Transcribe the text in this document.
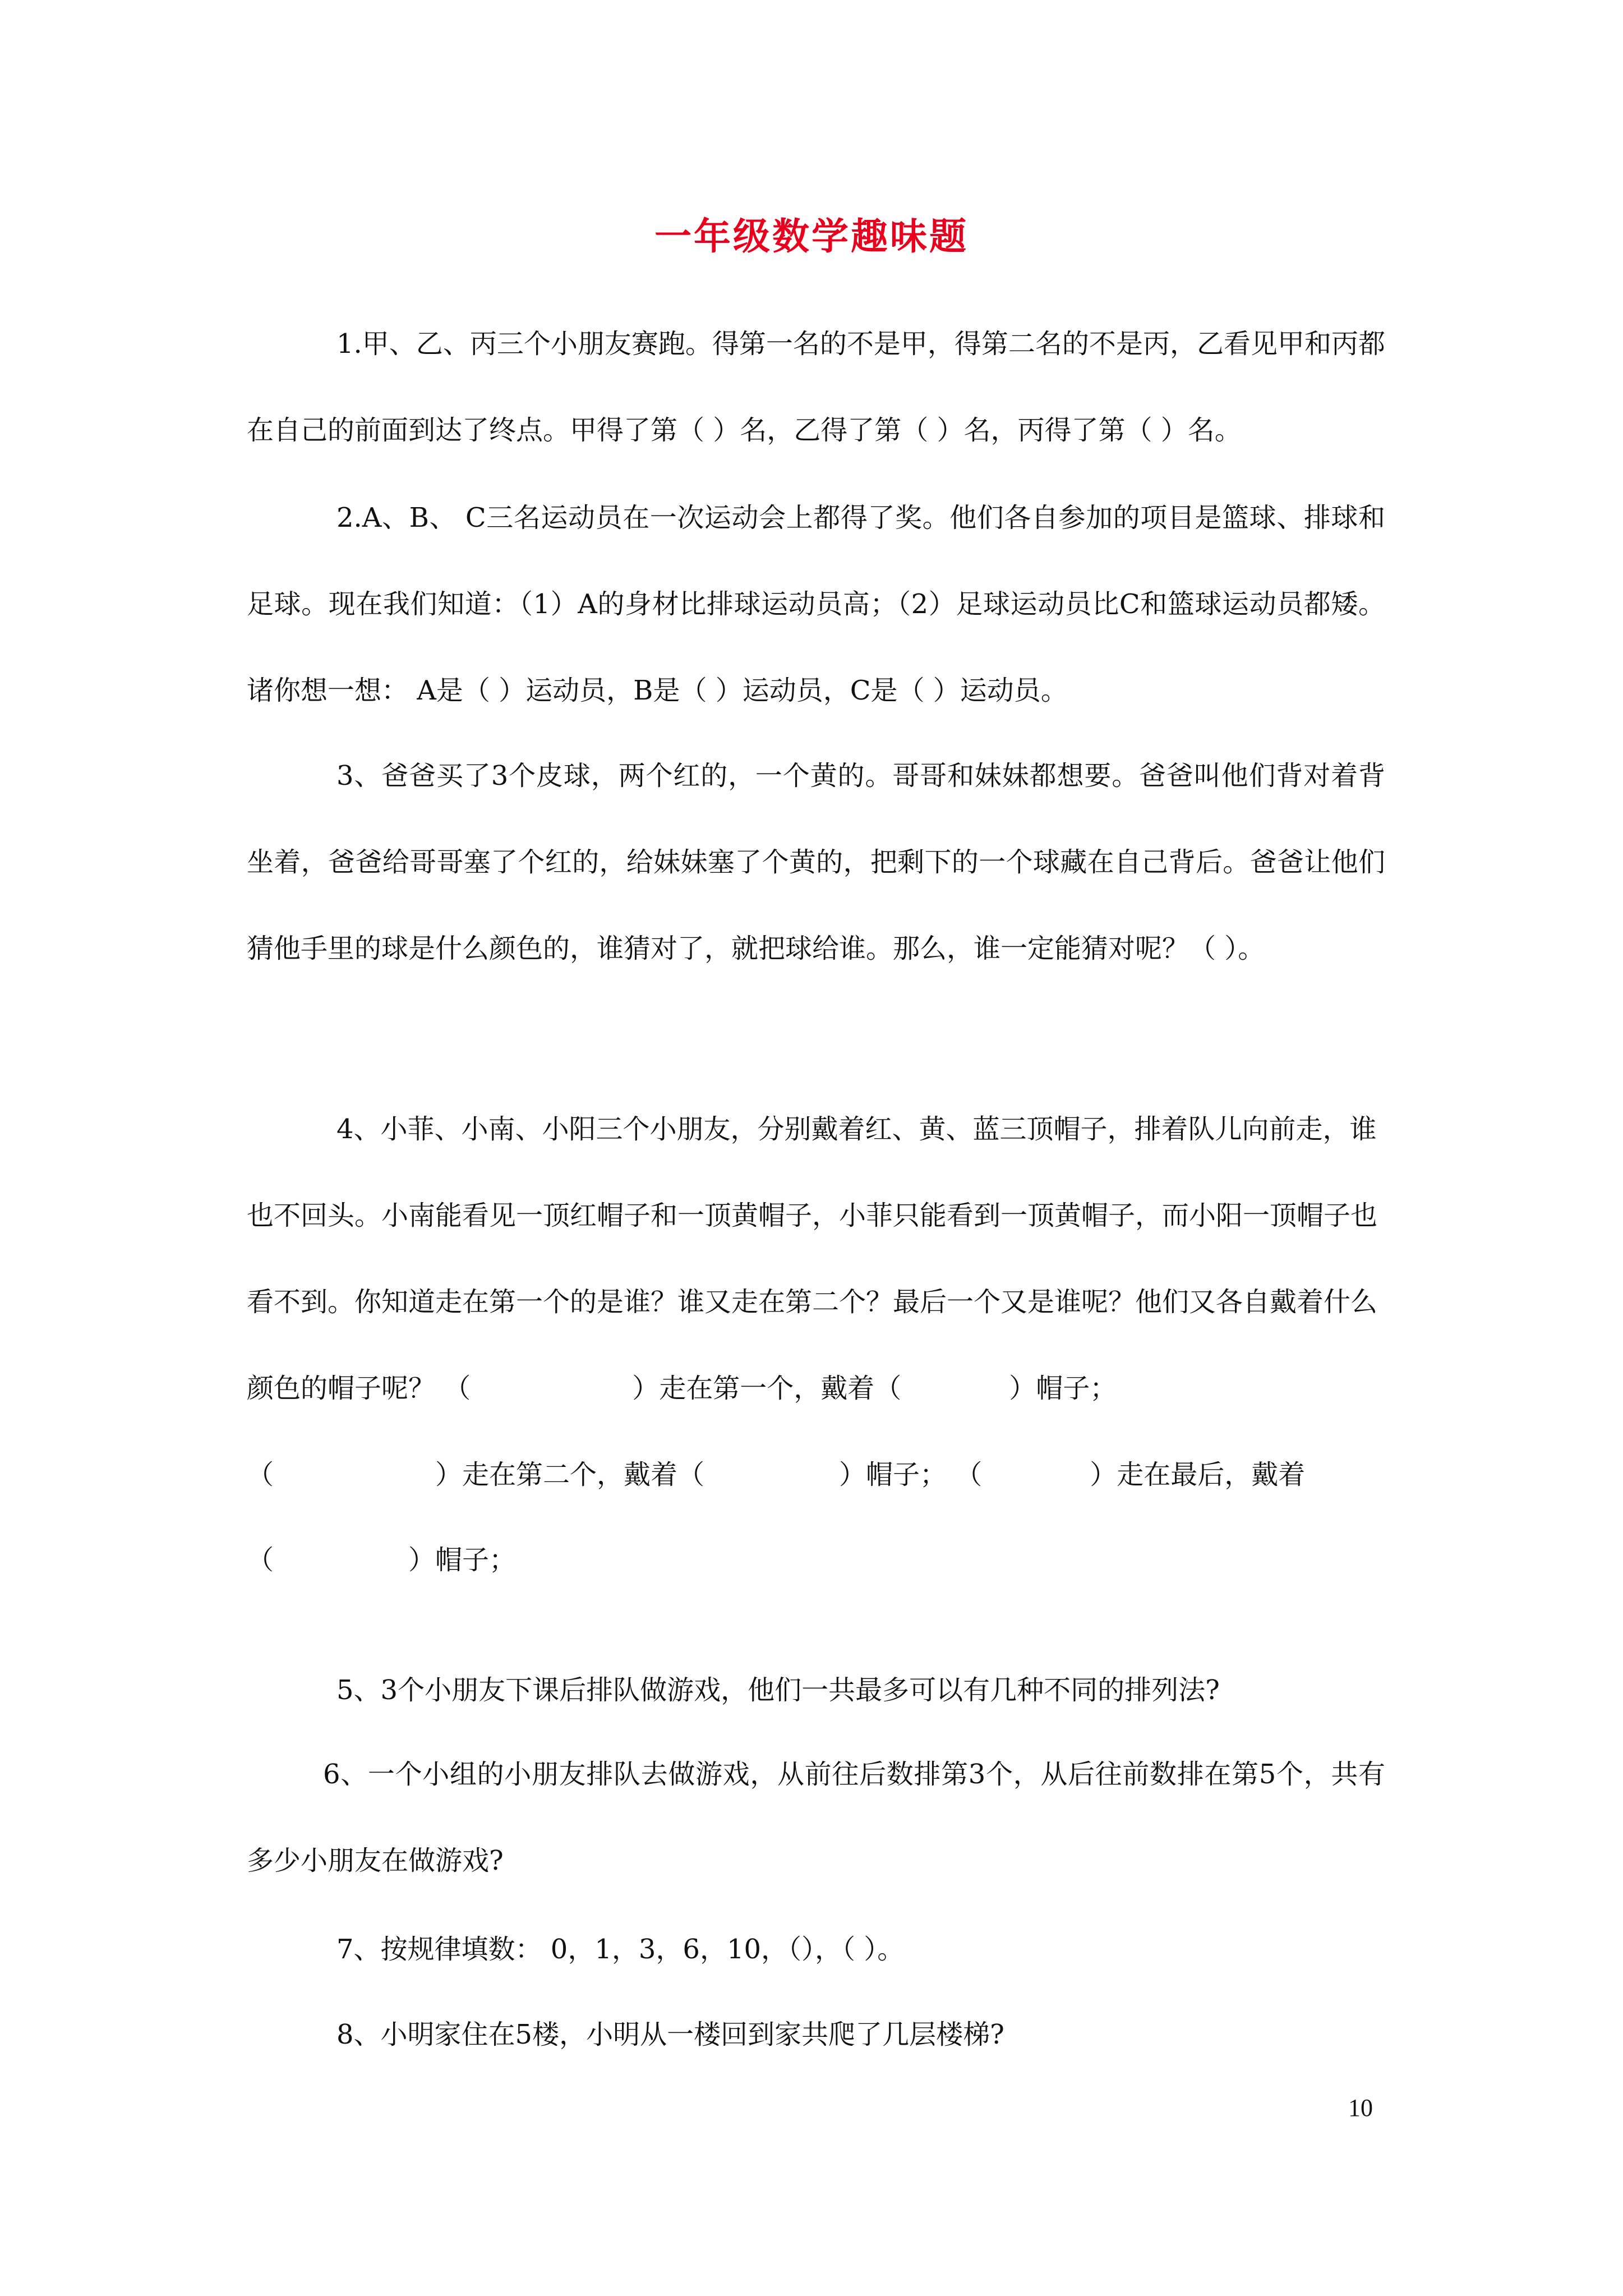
一年级数学趣味题

1.甲、乙、丙三个小朋友赛跑。得第一名的不是甲，得第二名的不是丙，乙看见甲和丙都在自己的前面到达了终点。甲得了第（ ）名，乙得了第（ ）名，丙得了第（ ）名。

2.A、B、 C三名运动员在一次运动会上都得了奖。他们各自参加的项目是篮球、排球和足球。现在我们知道：（1）A的身材比排球运动员高；（2）足球运动员比C和篮球运动员都矮。诸你想一想： A是（ ）运动员，B是（ ）运动员，C是（ ）运动员。

3、爸爸买了3个皮球，两个红的，一个黄的。哥哥和妹妹都想要。爸爸叫他们背对着背坐着，爸爸给哥哥塞了个红的，给妹妹塞了个黄的，把剩下的一个球藏在自己背后。爸爸让他们猜他手里的球是什么颜色的，谁猜对了，就把球给谁。那么，谁一定能猜对呢？（ ）。

4、小菲、小南、小阳三个小朋友，分别戴着红、黄、蓝三顶帽子，排着队儿向前走，谁也不回头。小南能看见一顶红帽子和一顶黄帽子，小菲只能看到一顶黄帽子，而小阳一顶帽子也看不到。你知道走在第一个的是谁？谁又走在第二个？最后一个又是谁呢？他们又各自戴着什么颜色的帽子呢？ （　　　　　　）走在第一个，戴着（　　　　）帽子；

（　　　　　　）走在第二个，戴着（　　　　　）帽子； （　　　　）走在最后，戴着
（　　　　　）帽子；

5、3个小朋友下课后排队做游戏，他们一共最多可以有几种不同的排列法?

6、一个小组的小朋友排队去做游戏，从前往后数排第3个，从后往前数排在第5个，共有多少小朋友在做游戏?

7、按规律填数： 0，1，3，6，10，（），（ ）。

8、小明家住在5楼，小明从一楼回到家共爬了几层楼梯?

10
